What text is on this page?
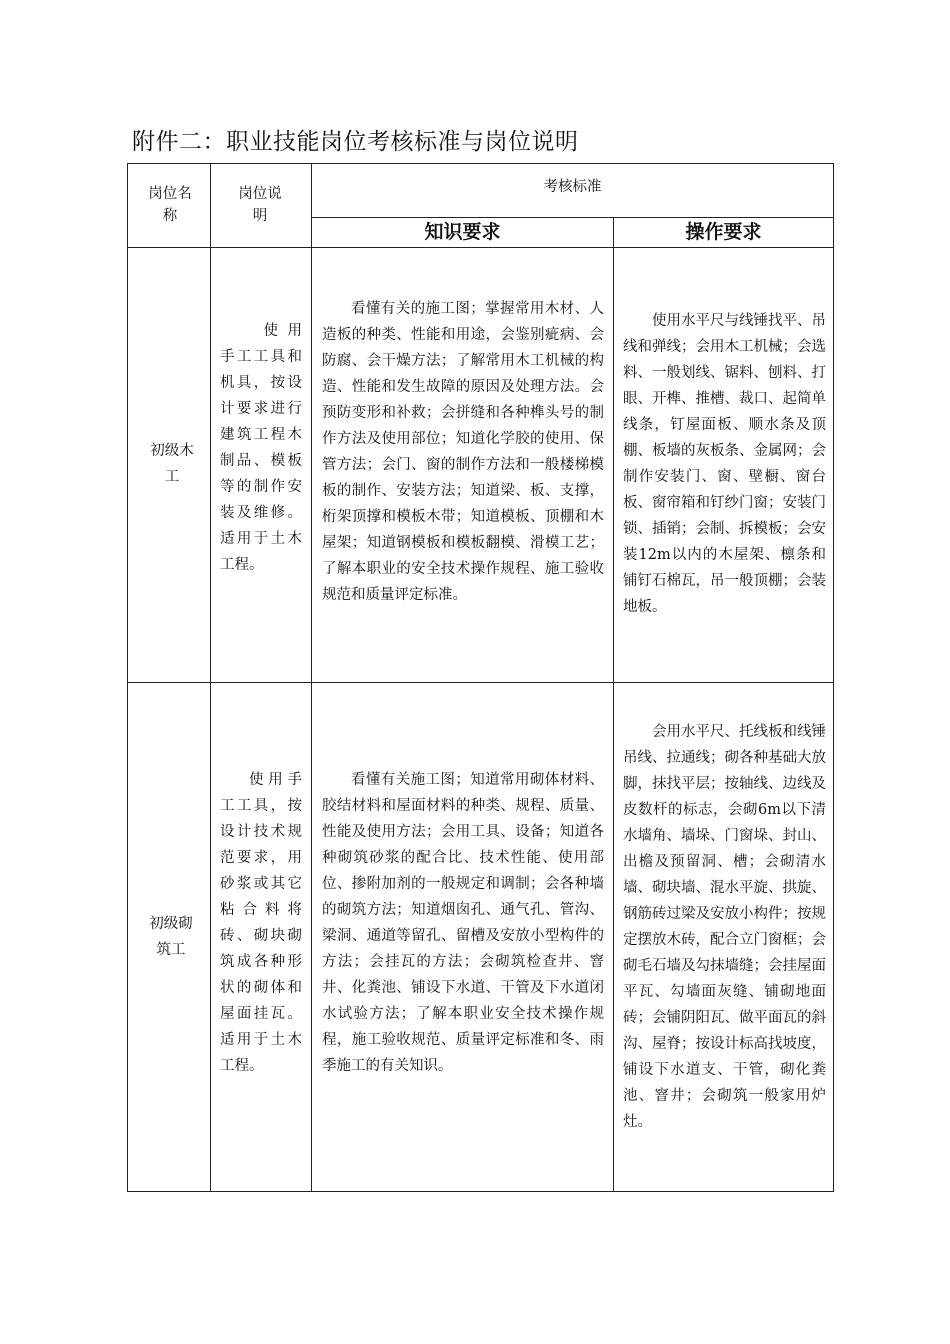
附件二：职业技能岗位考核标准与岗位说明
岗位名称
岗位说明
考核标准
知识要求	操作要求
初级木工
使用手工工具和机具，按设计要求进行建筑工程木制品、模板等的制作安装及维修。适用于土木工程。
看懂有关的施工图；掌握常用木材、人造板的种类、性能和用途，会鉴别疵病、会防腐、会干燥方法；了解常用木工机械的构造、性能和发生故障的原因及处理方法。会预防变形和补救；会拼缝和各种榫头号的制作方法及使用部位；知道化学胶的使用、保管方法；会门、窗的制作方法和一般楼梯模板的制作、安装方法；知道梁、板、支撑，桁架顶撑和模板木带；知道模板、顶棚和木屋架；知道钢模板和模板翻模、滑模工艺；了解本职业的安全技术操作规程、施工验收规范和质量评定标准。
使用水平尺与线锤找平、吊线和弹线；会用木工机械；会选料、一般划线、锯料、刨料、打眼、开榫、推槽、裁口、起简单线条，钉屋面板、顺水条及顶棚、板墙的灰板条、金属网；会制作安装门、窗、壁橱、窗台板、窗帘箱和钉纱门窗；安装门锁、插销；会制、拆模板；会安装12m以内的木屋架、檩条和铺钉石棉瓦，吊一般顶棚；会装地板。
初级砌筑工
使用手工工具，按设计技术规范要求，用砂浆或其它粘合料将砖、砌块砌筑成各种形状的砌体和屋面挂瓦。适用于土木工程。
看懂有关施工图；知道常用砌体材料、胶结材料和屋面材料的种类、规程、质量、性能及使用方法；会用工具、设备；知道各种砌筑砂浆的配合比、技术性能、使用部位、掺附加剂的一般规定和调制；会各种墙的砌筑方法；知道烟囱孔、通气孔、管沟、梁洞、通道等留孔、留槽及安放小型构件的方法；会挂瓦的方法；会砌筑检查井、窨井、化粪池、铺设下水道、干管及下水道闭水试验方法；了解本职业安全技术操作规程，施工验收规范、质量评定标准和冬、雨季施工的有关知识。
会用水平尺、托线板和线锤吊线、拉通线；砌各种基础大放脚，抹找平层；按轴线、边线及皮数杆的标志，会砌6m以下清水墙角、墙垛、门窗垛、封山、出檐及预留洞、槽；会砌清水墙、砌块墙、混水平旋、拱旋、钢筋砖过梁及安放小构件；按规定摆放木砖，配合立门窗框；会砌毛石墙及勾抹墙缝；会挂屋面平瓦、勾墙面灰缝、铺砌地面砖；会铺阴阳瓦、做平面瓦的斜沟、屋脊；按设计标高找坡度，铺设下水道支、干管，砌化粪池、窨井；会砌筑一般家用炉灶。
